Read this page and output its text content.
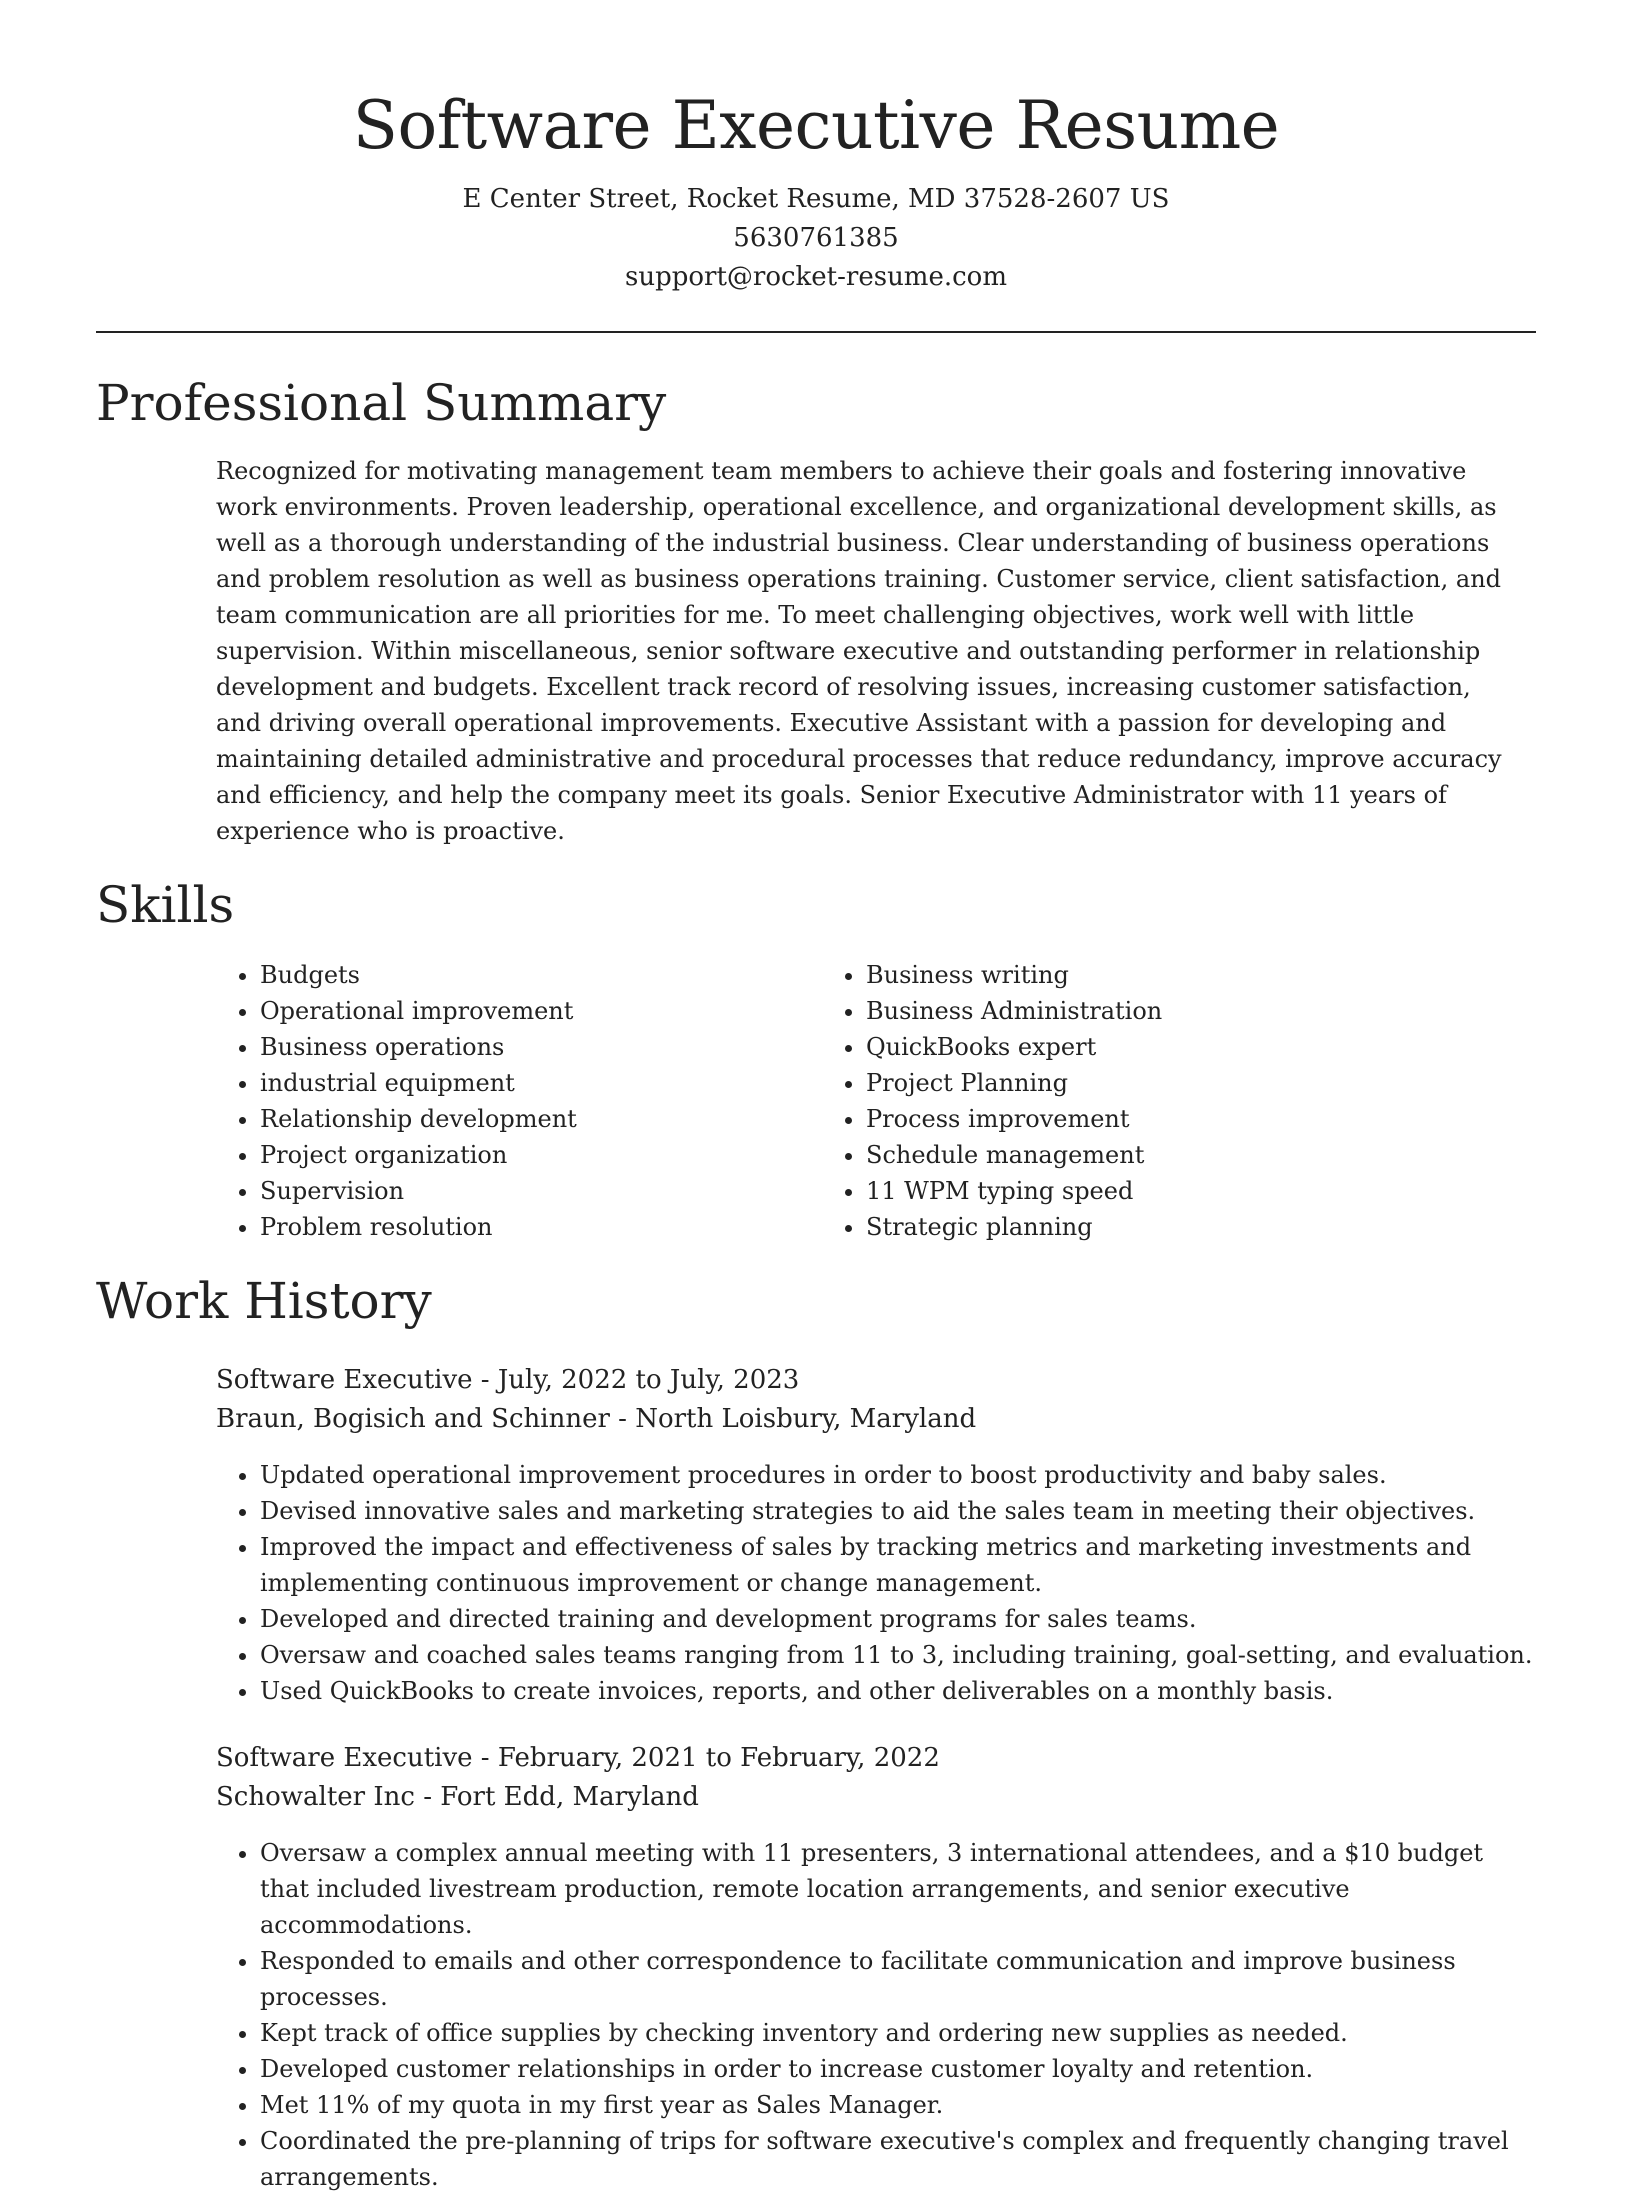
Software Executive Resume
E Center Street, Rocket Resume, MD 37528-2607 US
5630761385
support@rocket-resume.com
Professional Summary

Recognized for motivating management team members to achieve their goals and fostering innovative work environments. Proven leadership, operational excellence, and organizational development skills, as well as a thorough understanding of the industrial business. Clear understanding of business operations and problem resolution as well as business operations training. Customer service, client satisfaction, and team communication are all priorities for me. To meet challenging objectives, work well with little supervision. Within miscellaneous, senior software executive and outstanding performer in relationship development and budgets. Excellent track record of resolving issues, increasing customer satisfaction, and driving overall operational improvements. Executive Assistant with a passion for developing and maintaining detailed administrative and procedural processes that reduce redundancy, improve accuracy and efficiency, and help the company meet its goals. Senior Executive Administrator with 11 years of experience who is proactive.

Skills
• Budgets
• Operational improvement
• Business operations
• industrial equipment
• Relationship development
• Project organization
• Supervision
• Problem resolution
• Business writing
• Business Administration
• QuickBooks expert
• Project Planning
• Process improvement
• Schedule management
• 11 WPM typing speed
• Strategic planning
Work History
Software Executive - July, 2022 to July, 2023
Braun, Bogisich and Schinner - North Loisbury, Maryland
• Updated operational improvement procedures in order to boost productivity and baby sales.
• Devised innovative sales and marketing strategies to aid the sales team in meeting their objectives.
• Improved the impact and effectiveness of sales by tracking metrics and marketing investments and implementing continuous improvement or change management.
• Developed and directed training and development programs for sales teams.
• Oversaw and coached sales teams ranging from 11 to 3, including training, goal-setting, and evaluation.
• Used QuickBooks to create invoices, reports, and other deliverables on a monthly basis.
Software Executive - February, 2021 to February, 2022
Schowalter Inc - Fort Edd, Maryland
• Oversaw a complex annual meeting with 11 presenters, 3 international attendees, and a $10 budget that included livestream production, remote location arrangements, and senior executive accommodations.
• Responded to emails and other correspondence to facilitate communication and improve business processes.
• Kept track of office supplies by checking inventory and ordering new supplies as needed.
• Developed customer relationships in order to increase customer loyalty and retention.
• Met 11% of my quota in my first year as Sales Manager.
• Coordinated the pre-planning of trips for software executive's complex and frequently changing travel arrangements.
